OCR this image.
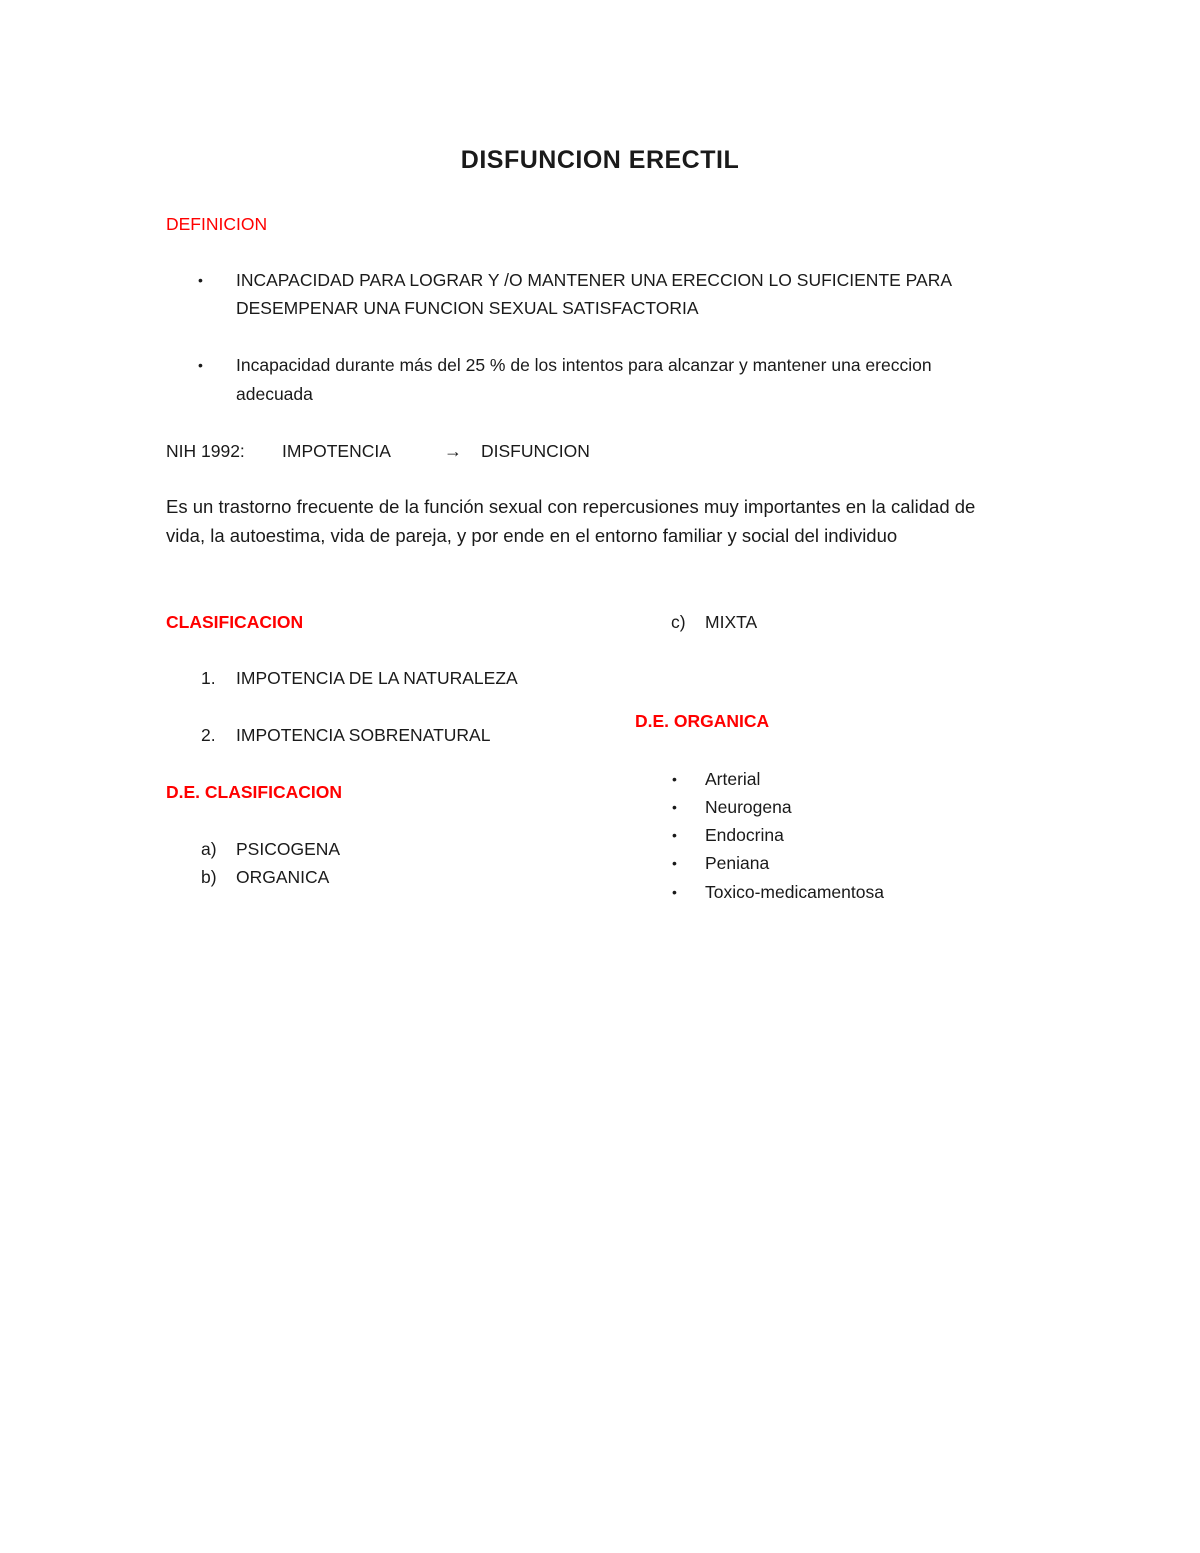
DISFUNCION ERECTIL
DEFINICION
• INCAPACIDAD PARA LOGRAR Y /O MANTENER UNA ERECCION LO SUFICIENTE PARA
DESEMPENAR UNA FUNCION SEXUAL SATISFACTORIA
• Incapacidad durante más del 25 % de los intentos para alcanzar y mantener una ereccion
adecuada
NIH 1992: IMPOTENCIA	→ DISFUNCION
Es un trastorno frecuente de la función sexual con repercusiones muy importantes en la calidad de
vida, la autoestima, vida de pareja, y por ende en el entorno familiar y social del individuo
CLASIFICACION
1. IMPOTENCIA DE LA NATURALEZA
2. IMPOTENCIA SOBRENATURAL
D.E. CLASIFICACION
a) PSICOGENA
b) ORGANICA
c) MIXTA
D.E. ORGANICA
• Arterial
• Neurogena
• Endocrina
• Peniana
• Toxico-medicamentosa
